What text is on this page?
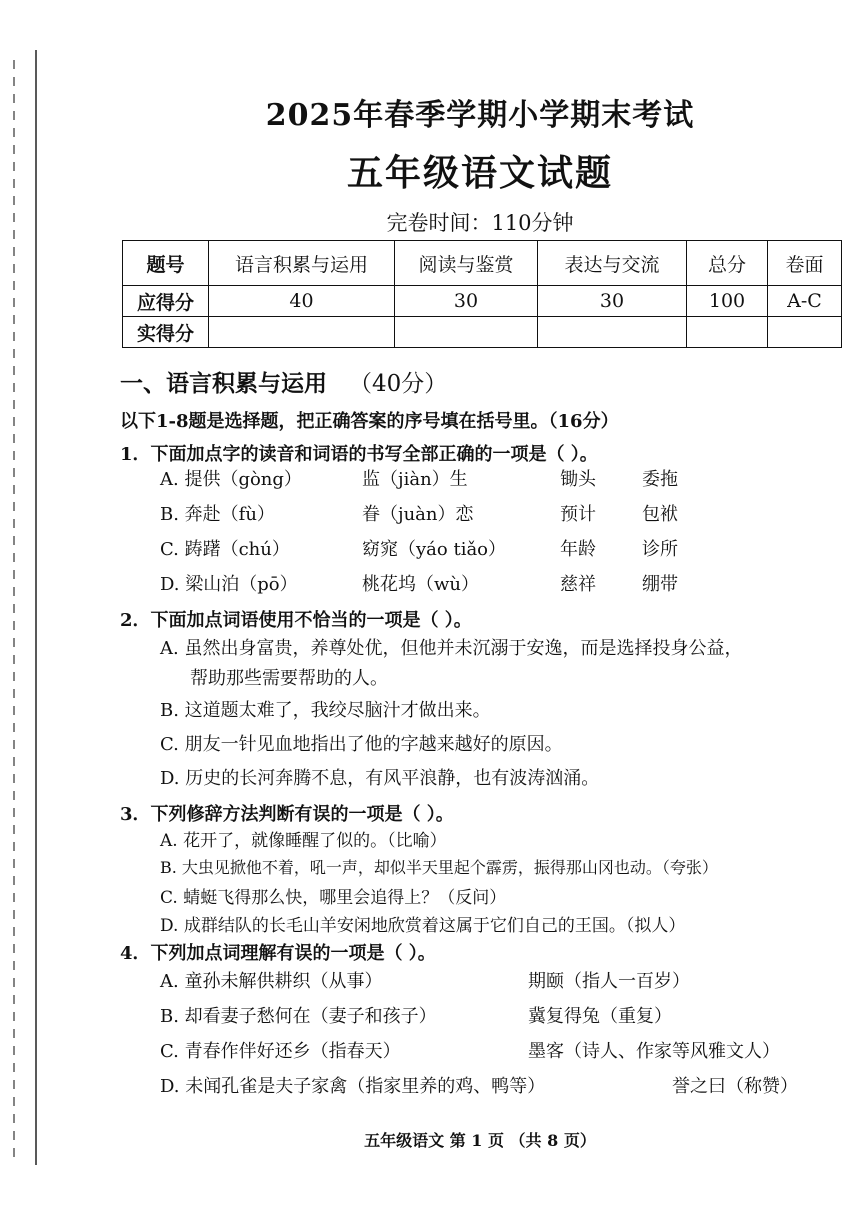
2025年春季学期小学期末考试
五年级语文试题
完卷时间：110分钟
题号	语言积累与运用	阅读与鉴赏	表达与交流	总分	卷面
应得分	40	30	30	100	A-C
实得分					
一、语言积累与运用 （40分）
以下1-8题是选择题，把正确答案的序号填在括号里。（16分）
1．下面加点字的读音和词语的书写全部正确的一项是（ ）。
A. 提供（gòng）	监（jiàn）生	锄头	委拖
B. 奔赴（fù）	眷（juàn）恋	预计	包袱
C. 踌躇（chú）	窈窕（yáo tiǎo）	年龄	诊所
D. 梁山泊（pō）	桃花坞（wù）	慈祥	绷带
2．下面加点词语使用不恰当的一项是（ ）。
A. 虽然出身富贵，养尊处优，但他并未沉溺于安逸，而是选择投身公益，
帮助那些需要帮助的人。
B. 这道题太难了，我绞尽脑汁才做出来。
C. 朋友一针见血地指出了他的字越来越好的原因。
D. 历史的长河奔腾不息，有风平浪静，也有波涛汹涌。
3．下列修辞方法判断有误的一项是（ ）。
A. 花开了，就像睡醒了似的。（比喻）
B. 大虫见掀他不着，吼一声，却似半天里起个霹雳，振得那山冈也动。（夸张）
C. 蜻蜓飞得那么快，哪里会追得上？（反问）
D. 成群结队的长毛山羊安闲地欣赏着这属于它们自己的王国。（拟人）
4．下列加点词理解有误的一项是（ ）。
A. 童孙未解供耕织（从事）	期颐（指人一百岁）
B. 却看妻子愁何在（妻子和孩子）	冀复得兔（重复）
C. 青春作伴好还乡（指春天）	墨客（诗人、作家等风雅文人）
D. 未闻孔雀是夫子家禽（指家里养的鸡、鸭等）	誉之曰（称赞）
五年级语文 第 1 页 （共 8 页）
